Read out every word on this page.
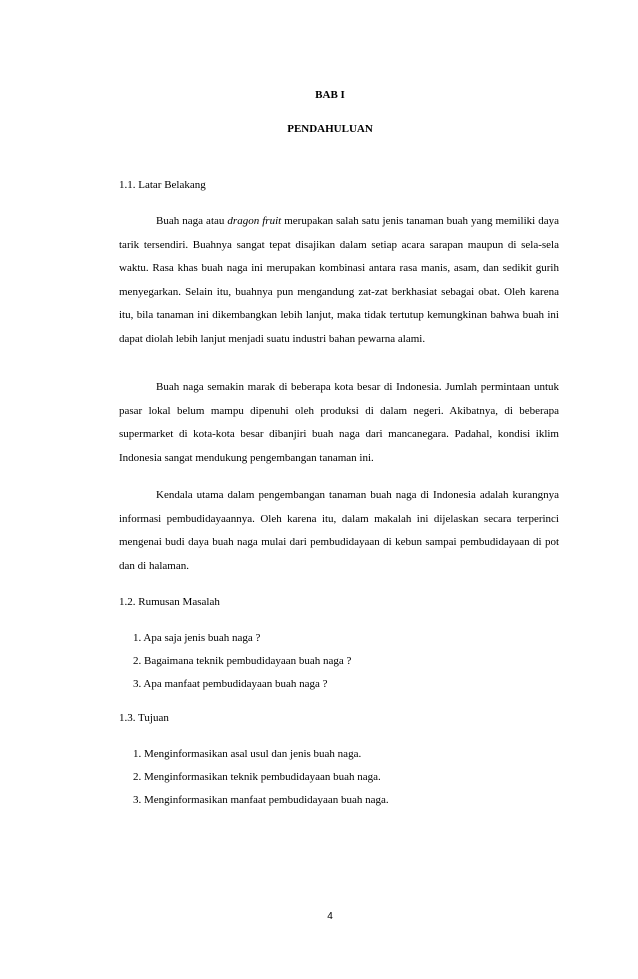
BAB I
PENDAHULUAN
1.1. Latar Belakang

Buah naga atau dragon fruit merupakan salah satu jenis tanaman buah yang memiliki daya tarik tersendiri. Buahnya sangat tepat disajikan dalam setiap acara sarapan maupun di sela-sela waktu. Rasa khas buah naga ini merupakan kombinasi antara rasa manis, asam, dan sedikit gurih menyegarkan. Selain itu, buahnya pun mengandung zat-zat berkhasiat sebagai obat. Oleh karena itu, bila tanaman ini dikembangkan lebih lanjut, maka tidak tertutup kemungkinan bahwa buah ini dapat diolah lebih lanjut menjadi suatu industri bahan pewarna alami.

Buah naga semakin marak di beberapa kota besar di Indonesia. Jumlah permintaan untuk pasar lokal belum mampu dipenuhi oleh produksi di dalam negeri. Akibatnya, di beberapa supermarket di kota-kota besar dibanjiri buah naga dari mancanegara. Padahal, kondisi iklim Indonesia sangat mendukung pengembangan tanaman ini.

Kendala utama dalam pengembangan tanaman buah naga di Indonesia adalah kurangnya informasi pembudidayaannya. Oleh karena itu, dalam makalah ini dijelaskan secara terperinci mengenai budi daya buah naga mulai dari pembudidayaan di kebun sampai pembudidayaan di pot dan di halaman.

1.2. Rumusan Masalah
1. Apa saja jenis buah naga ?
2. Bagaimana teknik pembudidayaan buah naga ?
3. Apa manfaat pembudidayaan buah naga ?
1.3. Tujuan
1. Menginformasikan asal usul dan jenis buah naga.
2. Menginformasikan teknik pembudidayaan buah naga.
3. Menginformasikan manfaat pembudidayaan buah naga.
4
